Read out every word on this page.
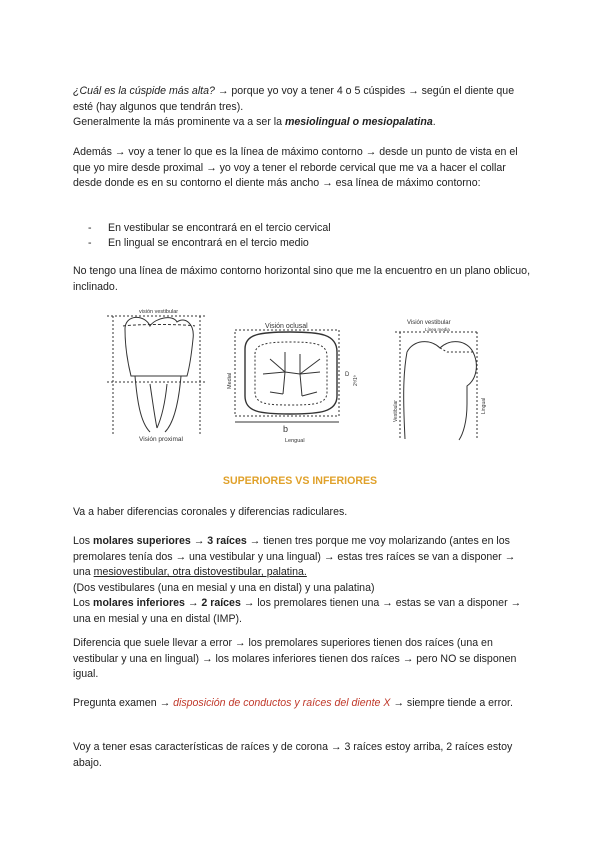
¿Cuál es la cúspide más alta? → porque yo voy a tener 4 o 5 cúspides → según el diente que esté (hay algunos que tendrán tres).
Generalmente la más prominente va a ser la mesiolingual o mesiopalatina.

Además → voy a tener lo que es la línea de máximo contorno → desde un punto de vista en el que yo mire desde proximal → yo voy a tener el reborde cervical que me va a hacer el collar desde donde es en su contorno el diente más ancho → esa línea de máximo contorno:

- En vestibular se encontrará en el tercio cervical
- En lingual se encontrará en el tercio medio

No tengo una línea de máximo contorno horizontal sino que me la encuentro en un plano oblicuo, inclinado.

visión vestibular
Visión proximal
Visión oclusal
b
Lengual
Medial	D
2ª/1ª
Visión vestibular
Línea media
Vestibular	Lingual
SUPERIORES VS INFERIORES

Va a haber diferencias coronales y diferencias radiculares.

Los molares superiores → 3 raíces → tienen tres porque me voy molarizando (antes en los premolares tenía dos → una vestibular y una lingual) → estas tres raíces se van a disponer → una mesiovestibular, otra distovestibular, palatina.
(Dos vestibulares (una en mesial y una en distal) y una palatina)
Los molares inferiores → 2 raíces → los premolares tienen una → estas se van a disponer → una en mesial y una en distal (IMP).

Diferencia que suele llevar a error → los premolares superiores tienen dos raíces (una en vestibular y una en lingual) → los molares inferiores tienen dos raíces → pero NO se disponen igual.

Pregunta examen → disposición de conductos y raíces del diente X → siempre tiende a error.

Voy a tener esas características de raíces y de corona → 3 raíces estoy arriba, 2 raíces estoy abajo.
